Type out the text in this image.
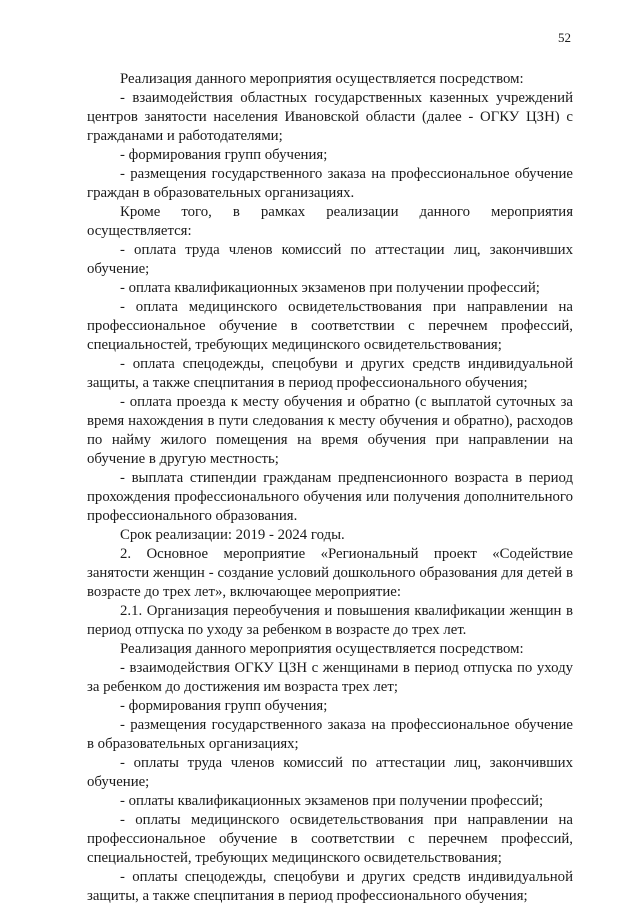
52

Реализация данного мероприятия осуществляется посредством:

- взаимодействия областных государственных казенных учреждений центров занятости населения Ивановской области (далее - ОГКУ ЦЗН) с гражданами и работодателями;

- формирования групп обучения;

- размещения государственного заказа на профессиональное обучение граждан в образовательных организациях.

Кроме того, в рамках реализации данного мероприятия осуществляется:

- оплата труда членов комиссий по аттестации лиц, закончивших обучение;

- оплата квалификационных экзаменов при получении профессий;

- оплата медицинского освидетельствования при направлении на профессиональное обучение в соответствии с перечнем профессий, специальностей, требующих медицинского освидетельствования;

- оплата спецодежды, спецобуви и других средств индивидуальной защиты, а также спецпитания в период профессионального обучения;

- оплата проезда к месту обучения и обратно (с выплатой суточных за время нахождения в пути следования к месту обучения и обратно), расходов по найму жилого помещения на время обучения при направлении на обучение в другую местность;

- выплата стипендии гражданам предпенсионного возраста в период прохождения профессионального обучения или получения дополнительного профессионального образования.

Срок реализации: 2019 - 2024 годы.

2. Основное мероприятие «Региональный проект «Содействие занятости женщин - создание условий дошкольного образования для детей в возрасте до трех лет», включающее мероприятие:

2.1. Организация переобучения и повышения квалификации женщин в период отпуска по уходу за ребенком в возрасте до трех лет.

Реализация данного мероприятия осуществляется посредством:

- взаимодействия ОГКУ ЦЗН с женщинами в период отпуска по уходу за ребенком до достижения им возраста трех лет;

- формирования групп обучения;

- размещения государственного заказа на профессиональное обучение в образовательных организациях;

- оплаты труда членов комиссий по аттестации лиц, закончивших обучение;

- оплаты квалификационных экзаменов при получении профессий;

- оплаты медицинского освидетельствования при направлении на профессиональное обучение в соответствии с перечнем профессий, специальностей, требующих медицинского освидетельствования;

- оплаты спецодежды, спецобуви и других средств индивидуальной защиты, а также спецпитания в период профессионального обучения;
